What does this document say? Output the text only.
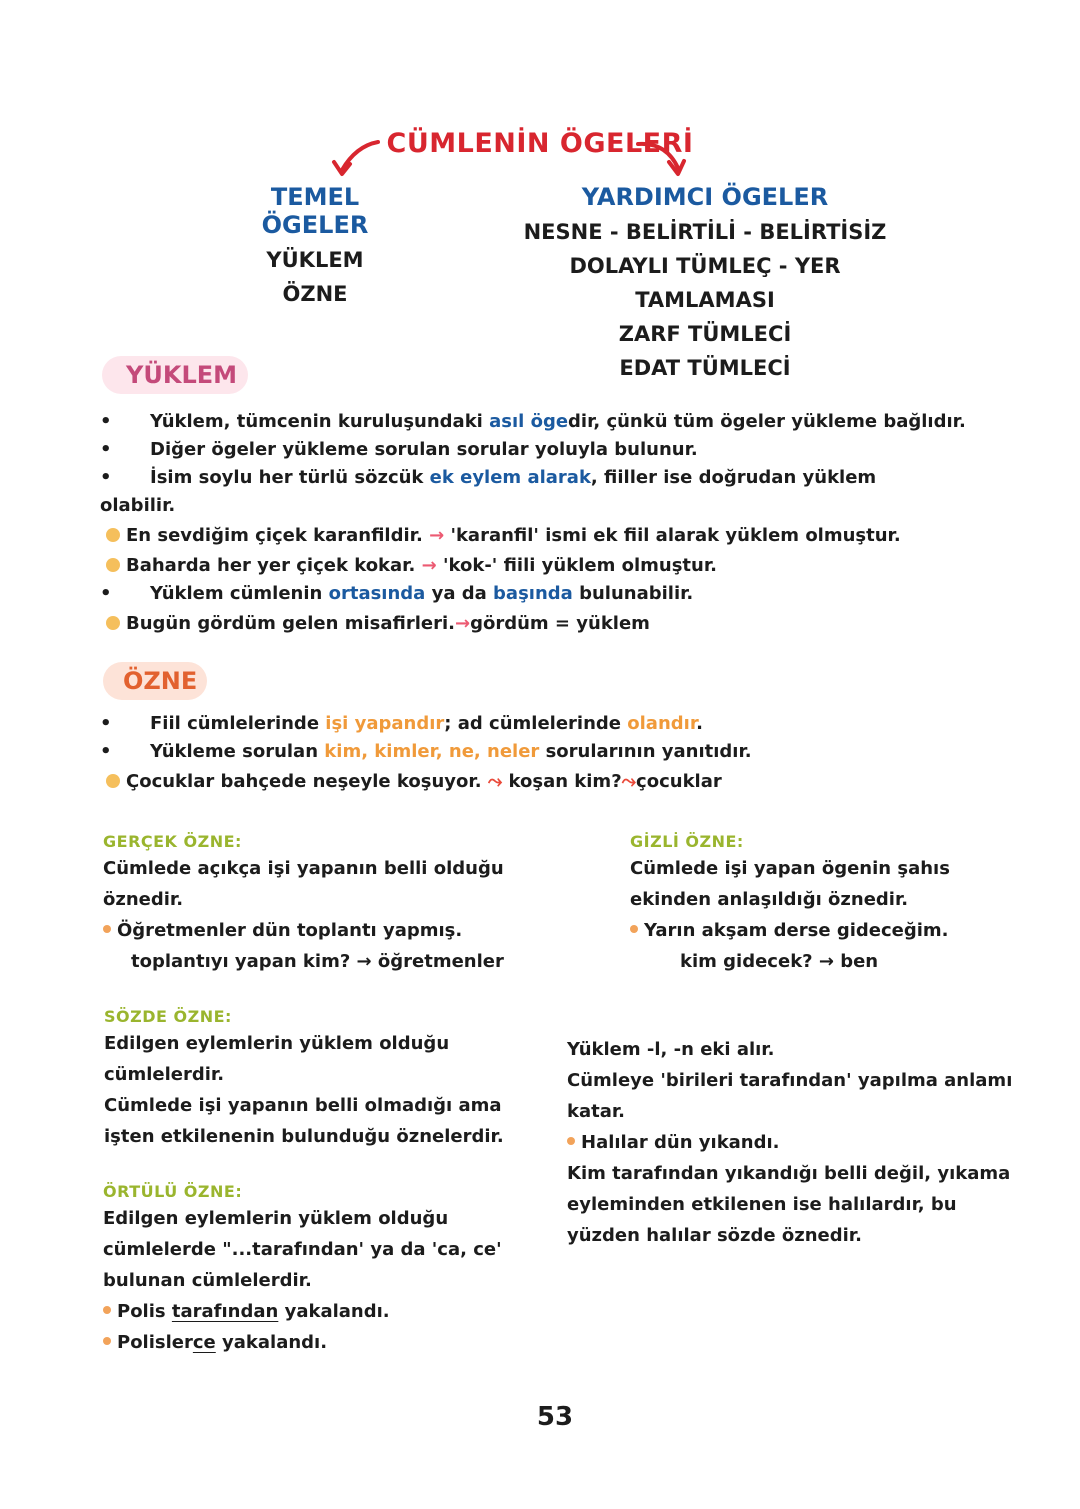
CÜMLENİN ÖGELERİ
TEMEL ÖGELER
YÜKLEM
ÖZNE
YARDIMCI ÖGELER
NESNE - BELİRTİLİ - BELİRTİSİZ
DOLAYLI TÜMLEÇ - YER TAMLAMASI
ZARF TÜMLECİ
EDAT TÜMLECİ
YÜKLEM
• Yüklem, tümcenin kuruluşundaki asıl ögedir, çünkü tüm ögeler yükleme bağlıdır.
• Diğer ögeler yükleme sorulan sorular yoluyla bulunur.
• İsim soylu her türlü sözcük ek eylem alarak, fiiller ise doğrudan yüklem
olabilir.
En sevdiğim çiçek karanfildir. → 'karanfil' ismi ek fiil alarak yüklem olmuştur.
Baharda her yer çiçek kokar. → 'kok-' fiili yüklem olmuştur.
• Yüklem cümlenin ortasında ya da başında bulunabilir.
Bugün gördüm gelen misafirleri.→gördüm = yüklem
ÖZNE
• Fiil cümlelerinde işi yapandır; ad cümlelerinde olandır.
• Yükleme sorulan kim, kimler, ne, neler sorularının yanıtıdır.
Çocuklar bahçede neşeyle koşuyor. ⤳ koşan kim?⤳çocuklar
GERÇEK ÖZNE:
Cümlede açıkça işi yapanın belli olduğu
öznedir.
Öğretmenler dün toplantı yapmış.
toplantıyı yapan kim? → öğretmenler
GİZLİ ÖZNE:
Cümlede işi yapan ögenin şahıs
ekinden anlaşıldığı öznedir.
Yarın akşam derse gideceğim.
kim gidecek? → ben
SÖZDE ÖZNE:
Edilgen eylemlerin yüklem olduğu
cümlelerdir.
Cümlede işi yapanın belli olmadığı ama
işten etkilenenin bulunduğu öznelerdir.
Yüklem -l, -n eki alır.
Cümleye 'birileri tarafından' yapılma anlamı
katar.
Halılar dün yıkandı.
Kim tarafından yıkandığı belli değil, yıkama
eyleminden etkilenen ise halılardır, bu
yüzden halılar sözde öznedir.
ÖRTÜLÜ ÖZNE:
Edilgen eylemlerin yüklem olduğu
cümlelerde "...tarafından' ya da 'ca, ce'
bulunan cümlelerdir.
Polis tarafından yakalandı.
Polislerce yakalandı.
53
